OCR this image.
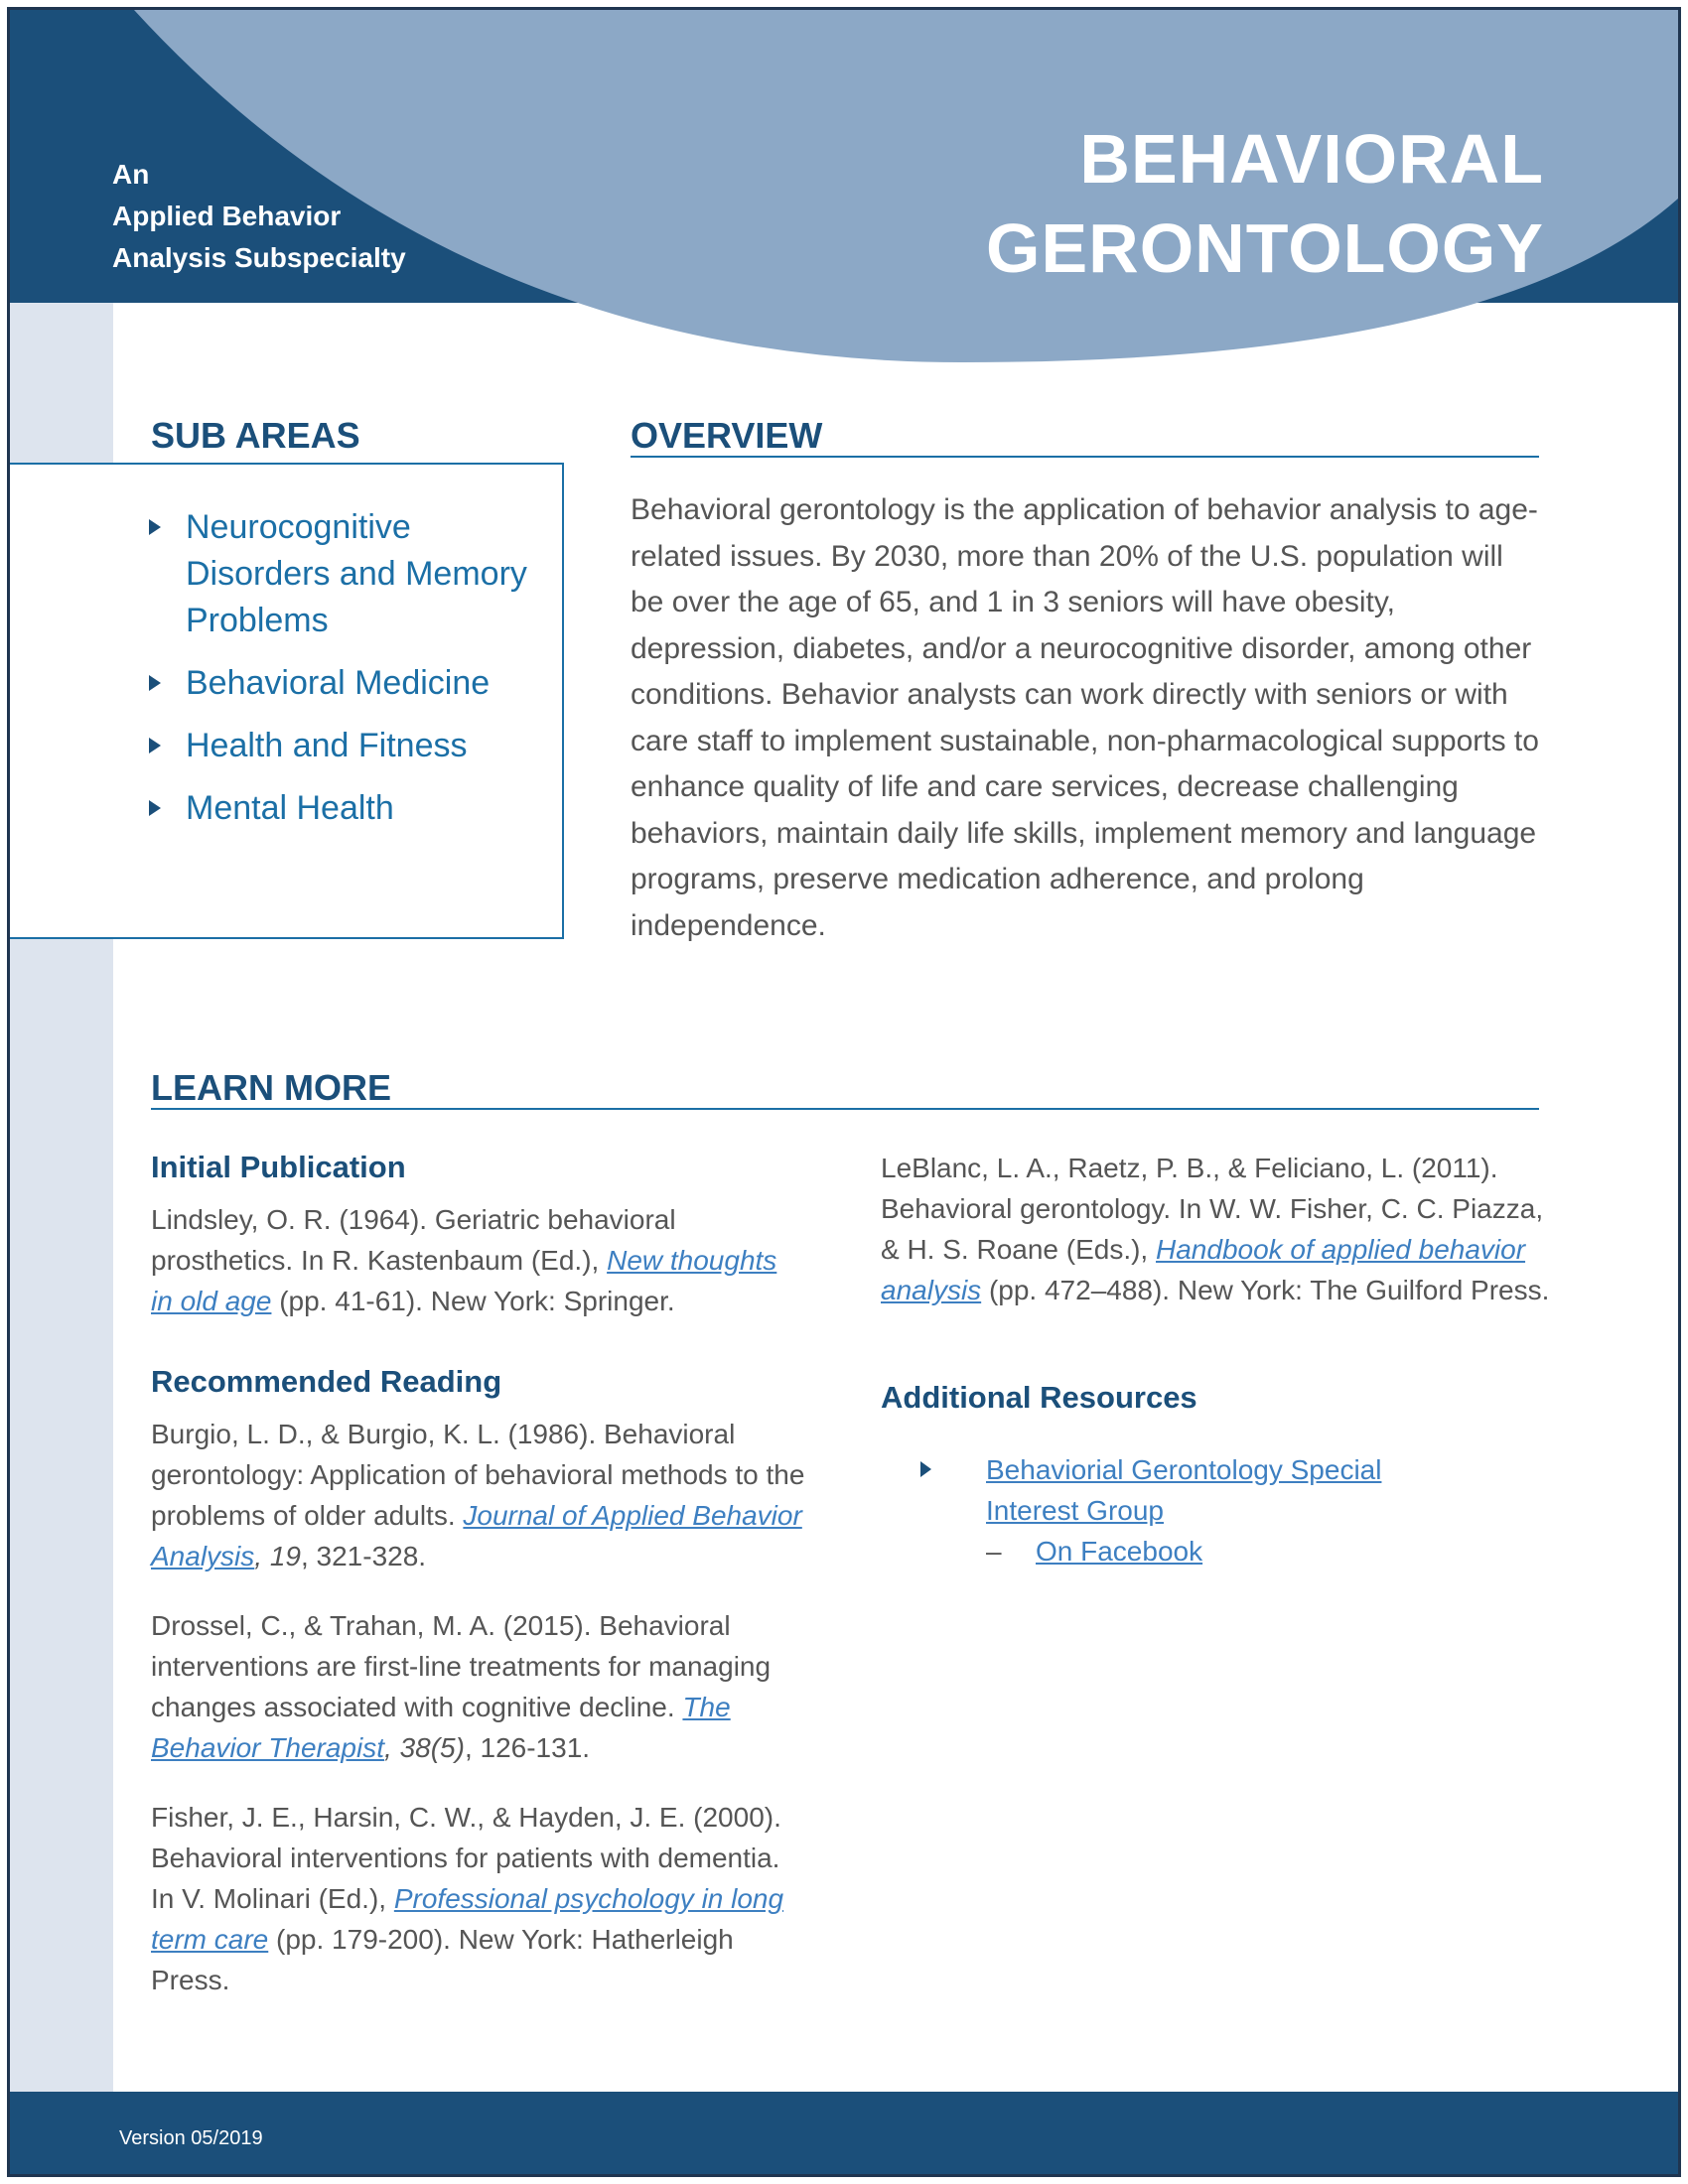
An
Applied Behavior
Analysis Subspecialty
BEHAVIORAL
GERONTOLOGY
SUB AREAS
Neurocognitive Disorders and Memory Problems
Behavioral Medicine
Health and Fitness
Mental Health
OVERVIEW

Behavioral gerontology is the application of behavior analysis to age-related issues. By 2030, more than 20% of the U.S. population will be over the age of 65, and 1 in 3 seniors will have obesity, depression, diabetes, and/or a neurocognitive disorder, among other conditions. Behavior analysts can work directly with seniors or with care staff to implement sustainable, non-pharmacological supports to enhance quality of life and care services, decrease challenging behaviors, maintain daily life skills, implement memory and language programs, preserve medication adherence, and prolong independence.

LEARN MORE
Initial Publication

Lindsley, O. R. (1964). Geriatric behavioral prosthetics. In R. Kastenbaum (Ed.), New thoughts in old age (pp. 41-61). New York: Springer.

Recommended Reading

Burgio, L. D., & Burgio, K. L. (1986). Behavioral gerontology: Application of behavioral methods to the problems of older adults. Journal of Applied Behavior Analysis, 19, 321-328.

Drossel, C., & Trahan, M. A. (2015). Behavioral interventions are first-line treatments for managing changes associated with cognitive decline. The Behavior Therapist, 38(5), 126-131.

Fisher, J. E., Harsin, C. W., & Hayden, J. E. (2000). Behavioral interventions for patients with dementia. In V. Molinari (Ed.), Professional psychology in long term care (pp. 179-200). New York: Hatherleigh Press.

LeBlanc, L. A., Raetz, P. B., & Feliciano, L. (2011). Behavioral gerontology. In W. W. Fisher, C. C. Piazza, & H. S. Roane (Eds.), Handbook of applied behavior analysis (pp. 472–488). New York: The Guilford Press.

Additional Resources
Behaviorial Gerontology Special Interest Group
– On Facebook
Version 05/2019
